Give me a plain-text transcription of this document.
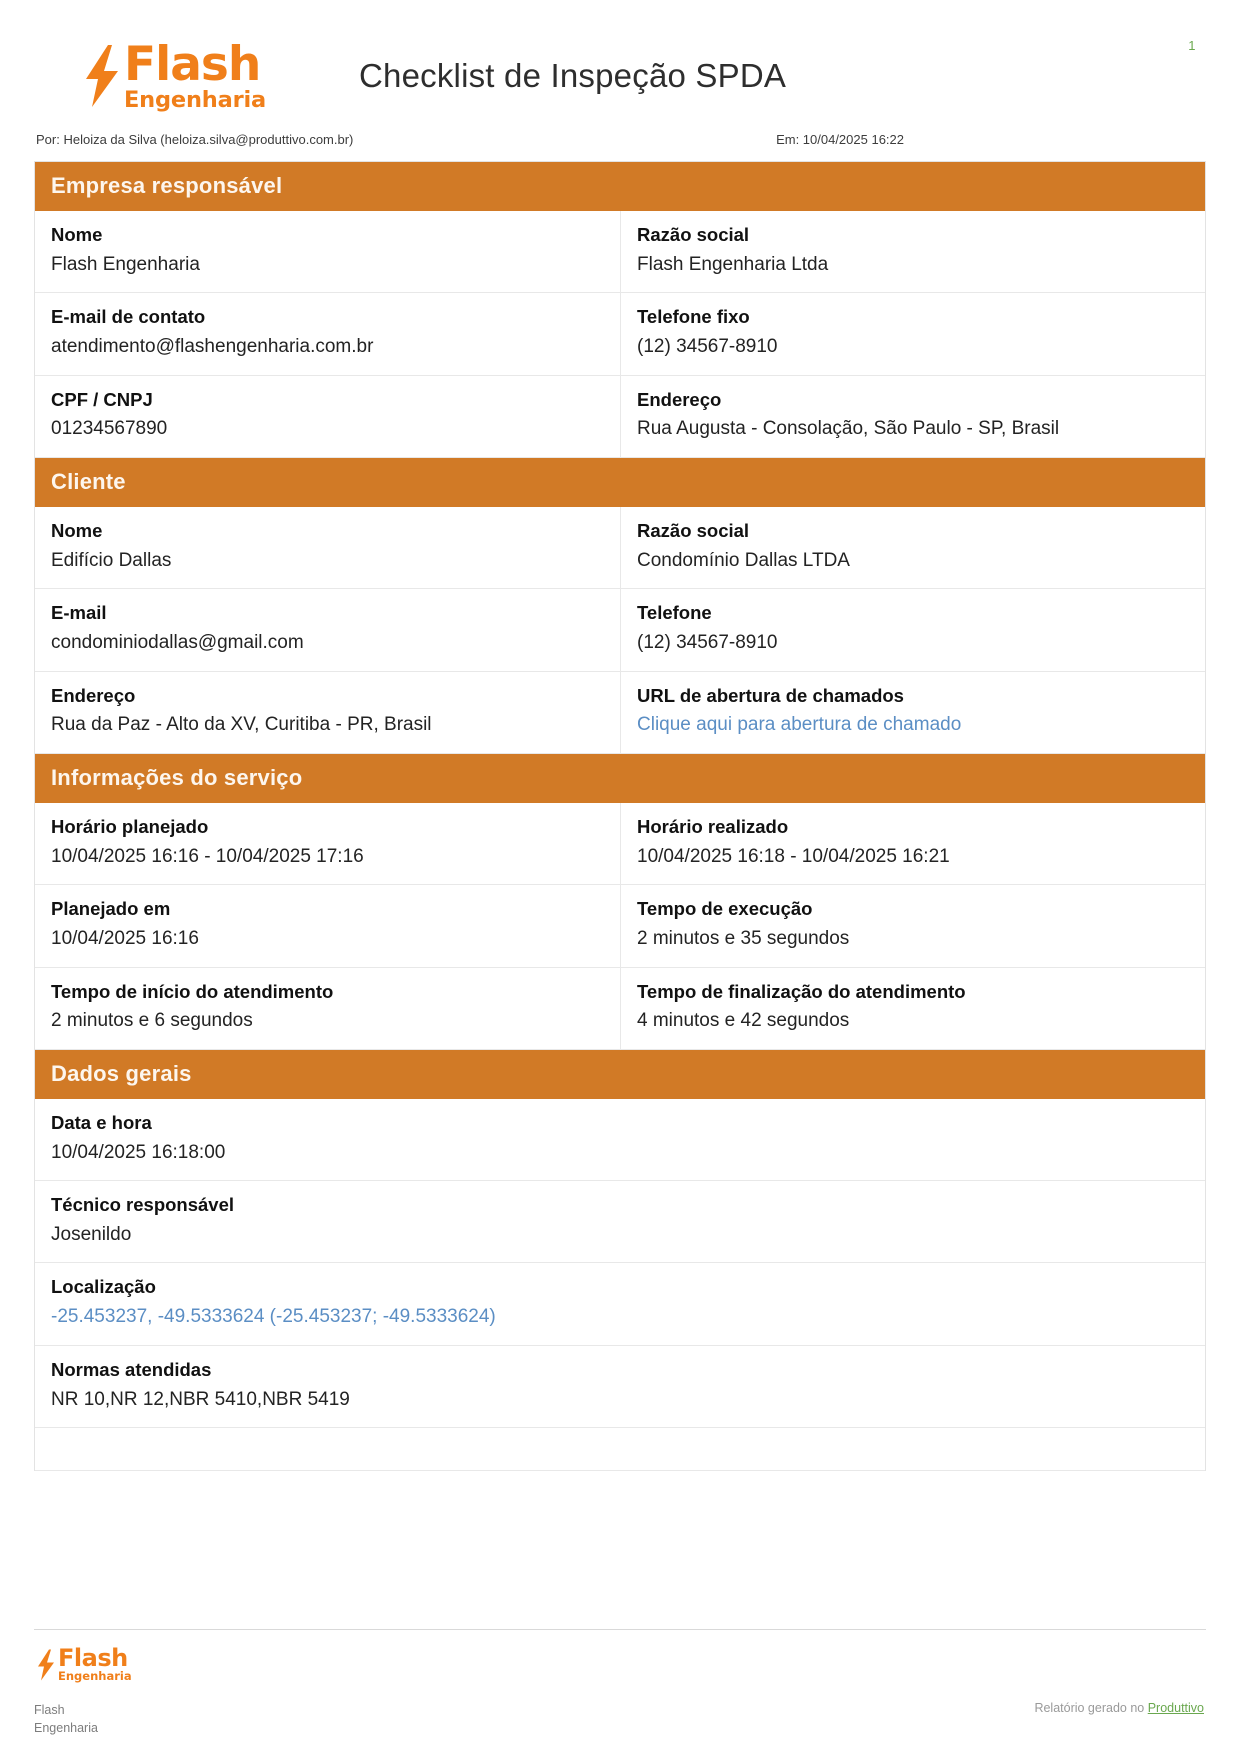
1
Flash
Engenharia
Checklist de Inspeção SPDA
Por: Heloiza da Silva (heloiza.silva@produttivo.com.br)	Em: 10/04/2025 16:22
Empresa responsável
Nome
Flash Engenharia
Razão social
Flash Engenharia Ltda
E-mail de contato
atendimento@flashengenharia.com.br
Telefone fixo
(12) 34567-8910
CPF / CNPJ
01234567890
Endereço
Rua Augusta - Consolação, São Paulo - SP, Brasil
Cliente
Nome
Edifício Dallas
Razão social
Condomínio Dallas LTDA
E-mail
condominiodallas@gmail.com
Telefone
(12) 34567-8910
Endereço
Rua da Paz - Alto da XV, Curitiba - PR, Brasil
URL de abertura de chamados
Clique aqui para abertura de chamado
Informações do serviço
Horário planejado
10/04/2025 16:16 - 10/04/2025 17:16
Horário realizado
10/04/2025 16:18 - 10/04/2025 16:21
Planejado em
10/04/2025 16:16
Tempo de execução
2 minutos e 35 segundos
Tempo de início do atendimento
2 minutos e 6 segundos
Tempo de finalização do atendimento
4 minutos e 42 segundos
Dados gerais
Data e hora
10/04/2025 16:18:00
Técnico responsável
Josenildo
Localização
-25.453237, -49.5333624 (-25.453237; -49.5333624)
Normas atendidas
NR 10,NR 12,NBR 5410,NBR 5419
Flash
Engenharia
Flash
Engenharia
Relatório gerado no Produttivo
